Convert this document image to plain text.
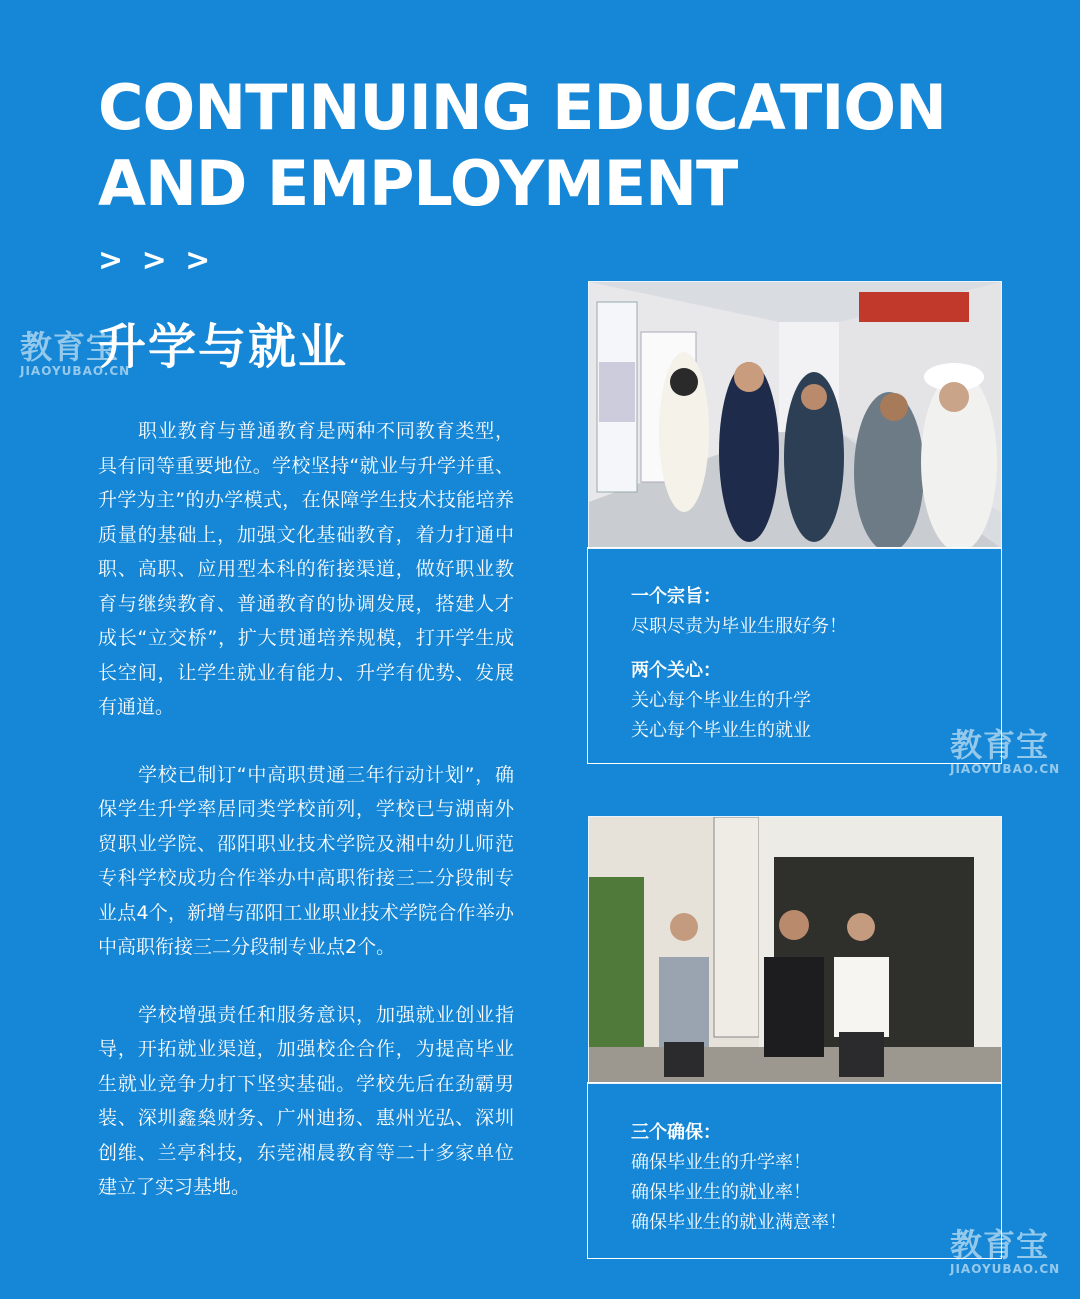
CONTINUING EDUCATION
AND EMPLOYMENT
> > >
升学与就业
教育宝
JIAOYUBAO.CN

职业教育与普通教育是两种不同教育类型，具有同等重要地位。学校坚持“就业与升学并重、升学为主”的办学模式，在保障学生技术技能培养质量的基础上，加强文化基础教育，着力打通中职、高职、应用型本科的衔接渠道，做好职业教育与继续教育、普通教育的协调发展，搭建人才成长“立交桥”，扩大贯通培养规模，打开学生成长空间，让学生就业有能力、升学有优势、发展有通道。

学校已制订“中高职贯通三年行动计划”，确保学生升学率居同类学校前列，学校已与湖南外贸职业学院、邵阳职业技术学院及湘中幼儿师范专科学校成功合作举办中高职衔接三二分段制专业点4个，新增与邵阳工业职业技术学院合作举办中高职衔接三二分段制专业点2个。

学校增强责任和服务意识，加强就业创业指导，开拓就业渠道，加强校企合作，为提高毕业生就业竞争力打下坚实基础。学校先后在劲霸男装、深圳鑫燊财务、广州迪扬、惠州光弘、深圳创维、兰亭科技，东莞湘晨教育等二十多家单位建立了实习基地。

一个宗旨：
尽职尽责为毕业生服好务！
两个关心：
关心每个毕业生的升学
关心每个毕业生的就业	教育宝
JIAOYUBAO.CN
三个确保：
确保毕业生的升学率！
确保毕业生的就业率！
确保毕业生的就业满意率！
教育宝
JIAOYUBAO.CN
